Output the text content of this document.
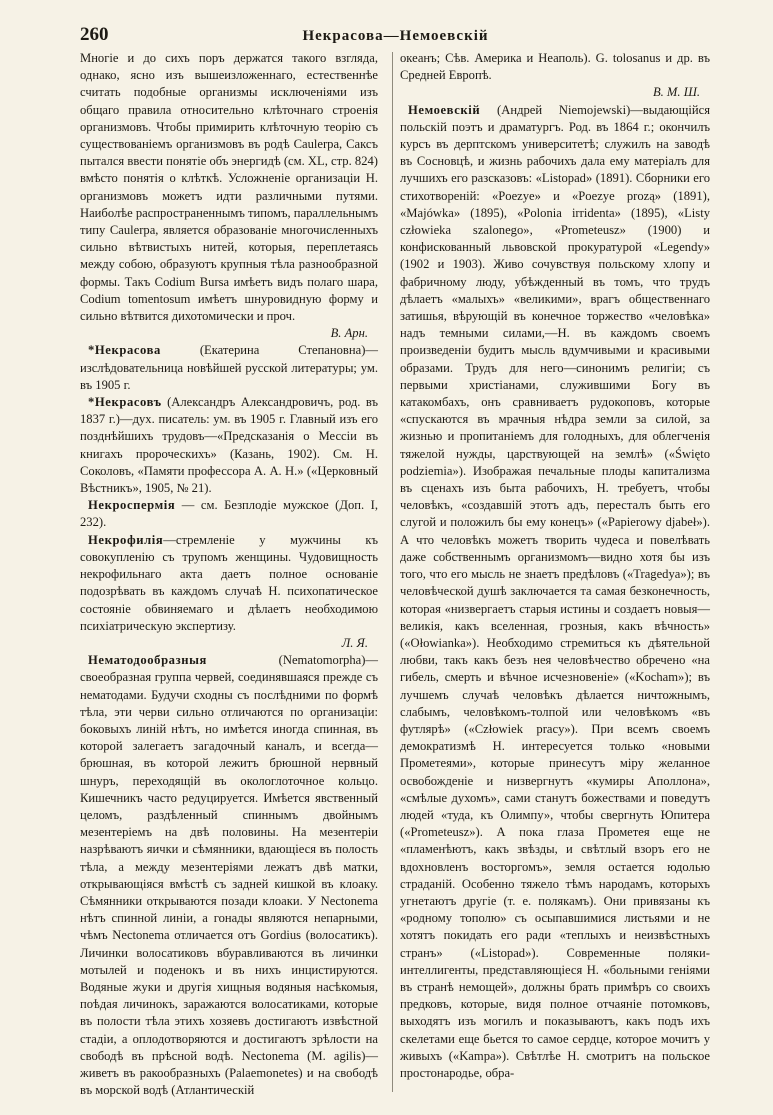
260	Некрасова—Немоевскій

Многіе и до сихъ поръ держатся такого взгляда, однако, ясно изъ вышеизложеннаго, естественнѣе считать подобные организмы исключеніями изъ общаго правила относительно клѣточнаго строенія организмовъ. Чтобы примирить клѣточную теорію съ существованіемъ организмовъ въ родѣ Caulerpa, Саксъ пытался ввести понятіе объ энергидѣ (см. XL, стр. 824) вмѣсто понятія о клѣткѣ. Усложненіе организаціи Н. организмовъ можетъ идти различными путями. Наиболѣе распространеннымъ типомъ, параллельнымъ типу Caulerpa, является образованіе многочисленныхъ сильно вѣтвистыхъ нитей, которыя, переплетаясь между собою, образуютъ крупныя тѣла разнообразной формы. Такъ Codium Bursa имѣетъ видъ полаго шара, Codium tomentosum имѣетъ шнуровидную форму и сильно вѣтвится дихотомически и проч.
В. Арн.

*Некрасова (Екатерина Степановна)—изслѣдовательница новѣйшей русской литературы; ум. въ 1905 г.

*Некрасовъ (Александръ Александровичъ, род. въ 1837 г.)—дух. писатель: ум. въ 1905 г. Главный изъ его позднѣйшихъ трудовъ—«Предсказанія о Мессіи въ книгахъ пророческихъ» (Казань, 1902). См. Н. Соколовъ, «Памяти профессора А. А. Н.» («Церковный Вѣстникъ», 1905, № 21).

Некроспермія — см. Безплодіе мужское (Доп. I, 232).

Некрофилія—стремленіе у мужчины къ совокупленію съ трупомъ женщины. Чудовищность некрофильнаго акта даетъ полное основаніе подозрѣвать въ каждомъ случаѣ Н. психопатическое состояніе обвиняемаго и дѣлаетъ необходимою психіатрическую экспертизу.
Л. Я.

Нематодообразныя (Nematomorpha)—своеобразная группа червей, соединявшаяся прежде съ нематодами. Будучи сходны съ послѣдними по формѣ тѣла, эти черви сильно отличаются по организаціи: боковыхъ линій нѣтъ, но имѣется иногда спинная, въ которой залегаетъ загадочный каналъ, и всегда—брюшная, въ которой лежитъ брюшной нервный шнуръ, переходящій въ окологлоточное кольцо. Кишечникъ часто редуцируется. Имѣется явственный целомъ, раздѣленный спиннымъ двойнымъ мезентеріемъ на двѣ половины. На мезентеріи назрѣваютъ яички и сѣмянники, вдающіеся въ полость тѣла, а между мезентеріями лежатъ двѣ матки, открывающіяся вмѣстѣ съ задней кишкой въ клоаку. Сѣмянники открываются позади клоаки. У Nectonema нѣтъ спинной линіи, а гонады являются непарными, чѣмъ Nectonema отличается отъ Gordius (волосатикъ). Личинки волосатиковъ вбуравливаются въ личинки мотылей и поденокъ и въ нихъ инцистируются. Водяные жуки и другія хищныя водяныя насѣкомыя, поѣдая личинокъ, заражаются волосатиками, которые въ полости тѣла этихъ хозяевъ достигаютъ извѣстной стадіи, а оплодотворяются и достигаютъ зрѣлости на свободѣ въ прѣсной водѣ. Nectonema (M. agilis)—живетъ въ ракообразныхъ (Palaemonetes) и на свободѣ въ морской водѣ (Атлантическій

океанъ; Сѣв. Америка и Неаполь). G. tolosanus и др. въ Средней Европѣ.
В. М. Ш.

Немоевскій (Андрей Niemojewski)—выдающійся польскій поэтъ и драматургъ. Род. въ 1864 г.; окончилъ курсъ въ дерптскомъ университетѣ; служилъ на заводѣ въ Сосновцѣ, и жизнь рабочихъ дала ему матеріалъ для лучшихъ его разсказовъ: «Listopad» (1891). Сборники его стихотвореній: «Poezye» и «Poezye prozą» (1891), «Majówka» (1895), «Polonia irridenta» (1895), «Listy człowieka szalonego», «Prometeusz» (1900) и конфискованный львовской прокуратурой «Legendy» (1902 и 1903). Живо сочувствуя польскому хлопу и фабричному люду, убѣжденный въ томъ, что трудъ дѣлаетъ «малыхъ» «великими», врагъ общественнаго затишья, вѣрующій въ конечное торжество «человѣка» надъ темными силами,—Н. въ каждомъ своемъ произведеніи будитъ мысль вдумчивыми и красивыми образами. Трудъ для него—синонимъ религіи; съ первыми христіанами, служившими Богу въ катакомбахъ, онъ сравниваетъ рудокоповъ, которые «спускаются въ мрачныя нѣдра земли за силой, за жизнью и пропитаніемъ для голодныхъ, для облегченія тяжелой нужды, царствующей на землѣ» («Święto podziemia»). Изображая печальные плоды капитализма въ сценахъ изъ быта рабочихъ, Н. требуетъ, чтобы человѣкъ, «создавшій этотъ адъ, пересталъ быть его слугой и положилъ бы ему конецъ» («Papierowy djabeł»). А что человѣкъ можетъ творить чудеса и повелѣвать даже собственнымъ организмомъ—видно хотя бы изъ того, что его мысль не знаетъ предѣловъ («Tragedya»); въ человѣческой душѣ заключается та самая безконечность, которая «низвергаетъ старыя истины и создаетъ новыя—великія, какъ вселенная, грозныя, какъ вѣчность» («Ołowianka»). Необходимо стремиться къ дѣятельной любви, такъ какъ безъ нея человѣчество обречено «на гибель, смерть и вѣчное исчезновеніе» («Kocham»); въ лучшемъ случаѣ человѣкъ дѣлается ничтожнымъ, слабымъ, человѣкомъ-толпой или человѣкомъ «въ футлярѣ» («Człowiek pracy»). При всемъ своемъ демократизмѣ Н. интересуется только «новыми Прометеями», которые принесутъ міру желанное освобожденіе и низвергнутъ «кумиры Аполлона», «смѣлые духомъ», сами станутъ божествами и поведутъ людей «туда, къ Олимпу», чтобы свергнуть Юпитера («Prometeusz»). А пока глаза Прометея еще не «пламенѣютъ, какъ звѣзды, и свѣтлый взоръ его не вдохновленъ восторгомъ», земля остается юдолью страданій. Особенно тяжело тѣмъ народамъ, которыхъ угнетаютъ другіе (т. е. полякамъ). Они привязаны къ «родному тополю» съ осыпавшимися листьями и не хотятъ покидать его ради «теплыхъ и неизвѣстныхъ странъ» («Listopad»). Современные поляки-интеллигенты, представляющіеся Н. «больными геніями въ странѣ немощей», должны брать примѣръ со своихъ предковъ, которые, видя полное отчаяніе потомковъ, выходятъ изъ могилъ и показываютъ, какъ подъ ихъ скелетами еще бьется то самое сердце, которое мочитъ у живыхъ («Kampa»). Свѣтлѣе Н. смотритъ на польское простонародье, обра-
